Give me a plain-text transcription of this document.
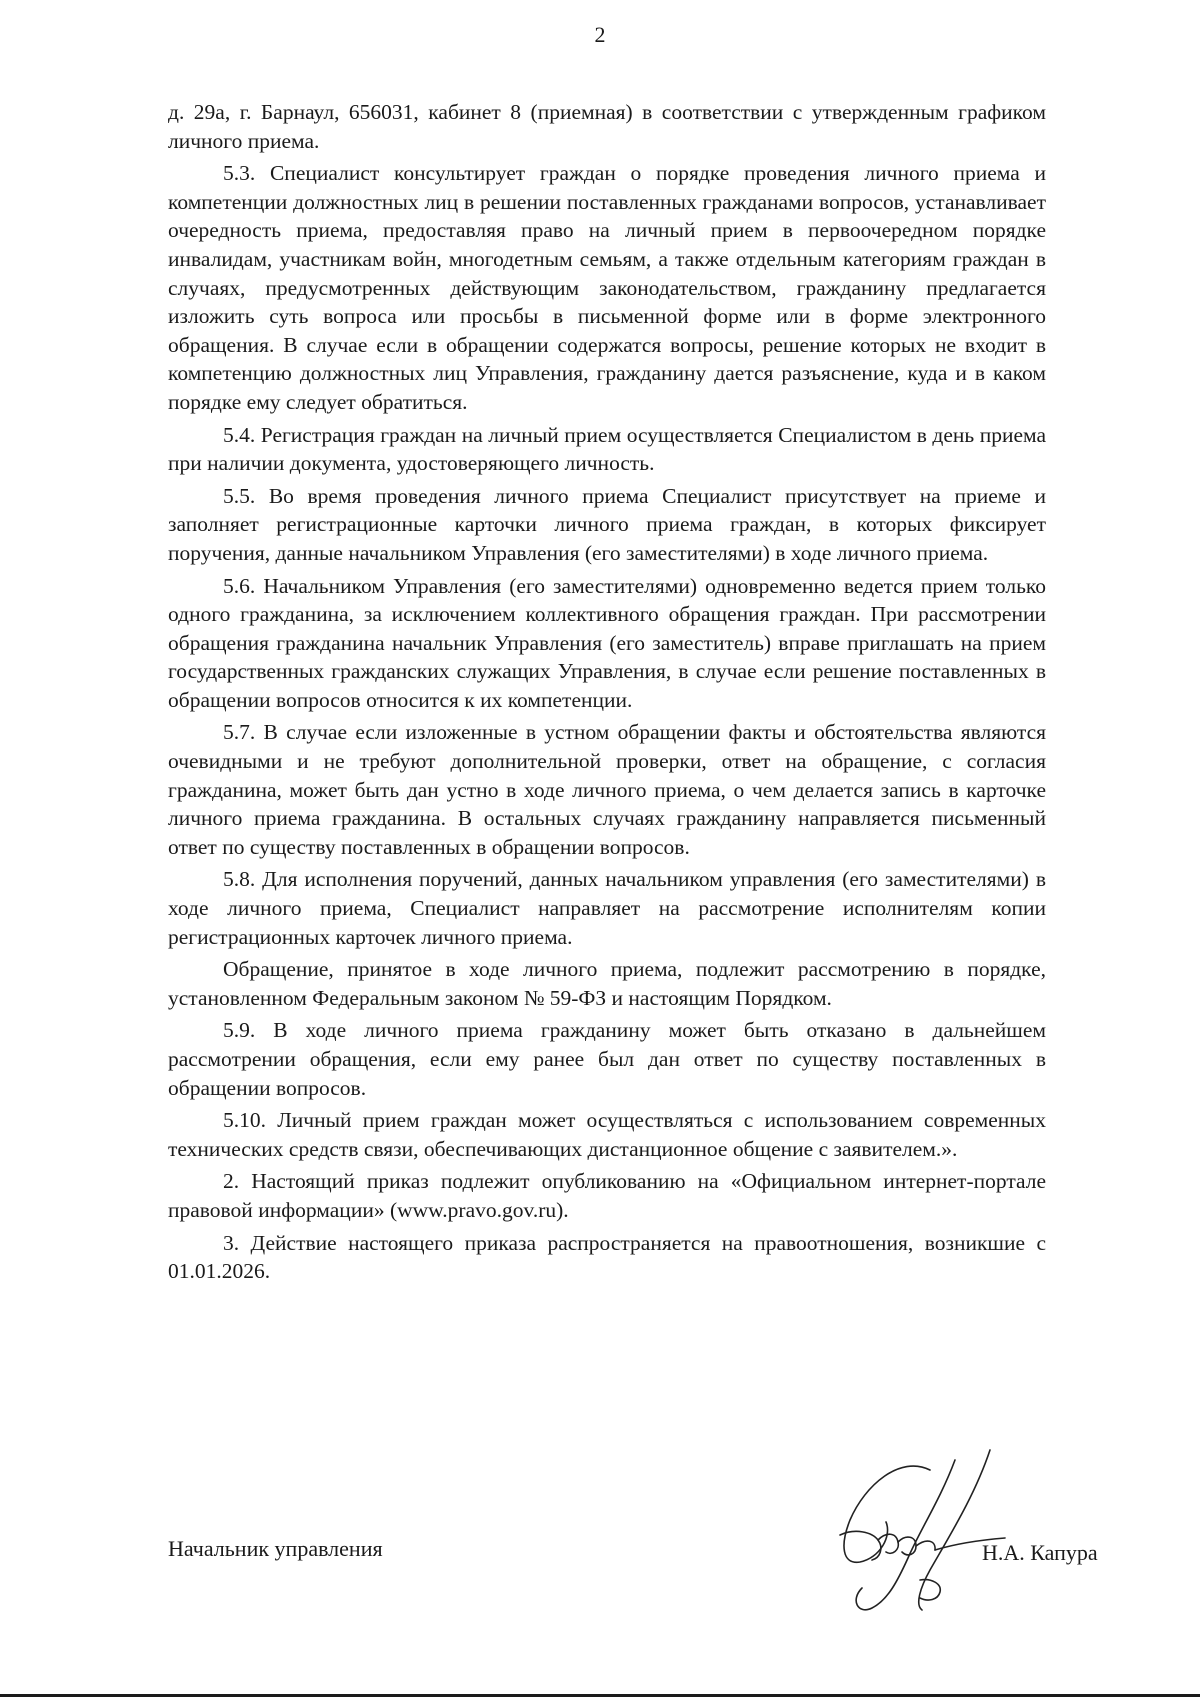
2

д. 29а, г. Барнаул, 656031, кабинет 8 (приемная) в соответствии с утвержденным графиком личного приема.

5.3. Специалист консультирует граждан о порядке проведения личного приема и компетенции должностных лиц в решении поставленных гражданами вопросов, устанавливает очередность приема, предоставляя право на личный прием в первоочередном порядке инвалидам, участникам войн, многодетным семьям, а также отдельным категориям граждан в случаях, предусмотренных действующим законодательством, гражданину предлагается изложить суть вопроса или просьбы в письменной форме или в форме электронного обращения. В случае если в обращении содержатся вопросы, решение которых не входит в компетенцию должностных лиц Управления, гражданину дается разъяснение, куда и в каком порядке ему следует обратиться.

5.4. Регистрация граждан на личный прием осуществляется Специалистом в день приема при наличии документа, удостоверяющего личность.

5.5. Во время проведения личного приема Специалист присутствует на приеме и заполняет регистрационные карточки личного приема граждан, в которых фиксирует поручения, данные начальником Управления (его заместителями) в ходе личного приема.

5.6. Начальником Управления (его заместителями) одновременно ведется прием только одного гражданина, за исключением коллективного обращения граждан. При рассмотрении обращения гражданина начальник Управления (его заместитель) вправе приглашать на прием государственных гражданских служащих Управления, в случае если решение поставленных в обращении вопросов относится к их компетенции.

5.7. В случае если изложенные в устном обращении факты и обстоятельства являются очевидными и не требуют дополнительной проверки, ответ на обращение, с согласия гражданина, может быть дан устно в ходе личного приема, о чем делается запись в карточке личного приема гражданина. В остальных случаях гражданину направляется письменный ответ по существу поставленных в обращении вопросов.

5.8. Для исполнения поручений, данных начальником управления (его заместителями) в ходе личного приема, Специалист направляет на рассмотрение исполнителям копии регистрационных карточек личного приема.

Обращение, принятое в ходе личного приема, подлежит рассмотрению в порядке, установленном Федеральным законом № 59-ФЗ и настоящим Порядком.

5.9. В ходе личного приема гражданину может быть отказано в дальнейшем рассмотрении обращения, если ему ранее был дан ответ по существу поставленных в обращении вопросов.

5.10. Личный прием граждан может осуществляться с использованием современных технических средств связи, обеспечивающих дистанционное общение с заявителем.».

2. Настоящий приказ подлежит опубликованию на «Официальном интернет-портале правовой информации» (www.pravo.gov.ru).

3. Действие настоящего приказа распространяется на правоотношения, возникшие с 01.01.2026.

Начальник управления	Н.А. Капура
